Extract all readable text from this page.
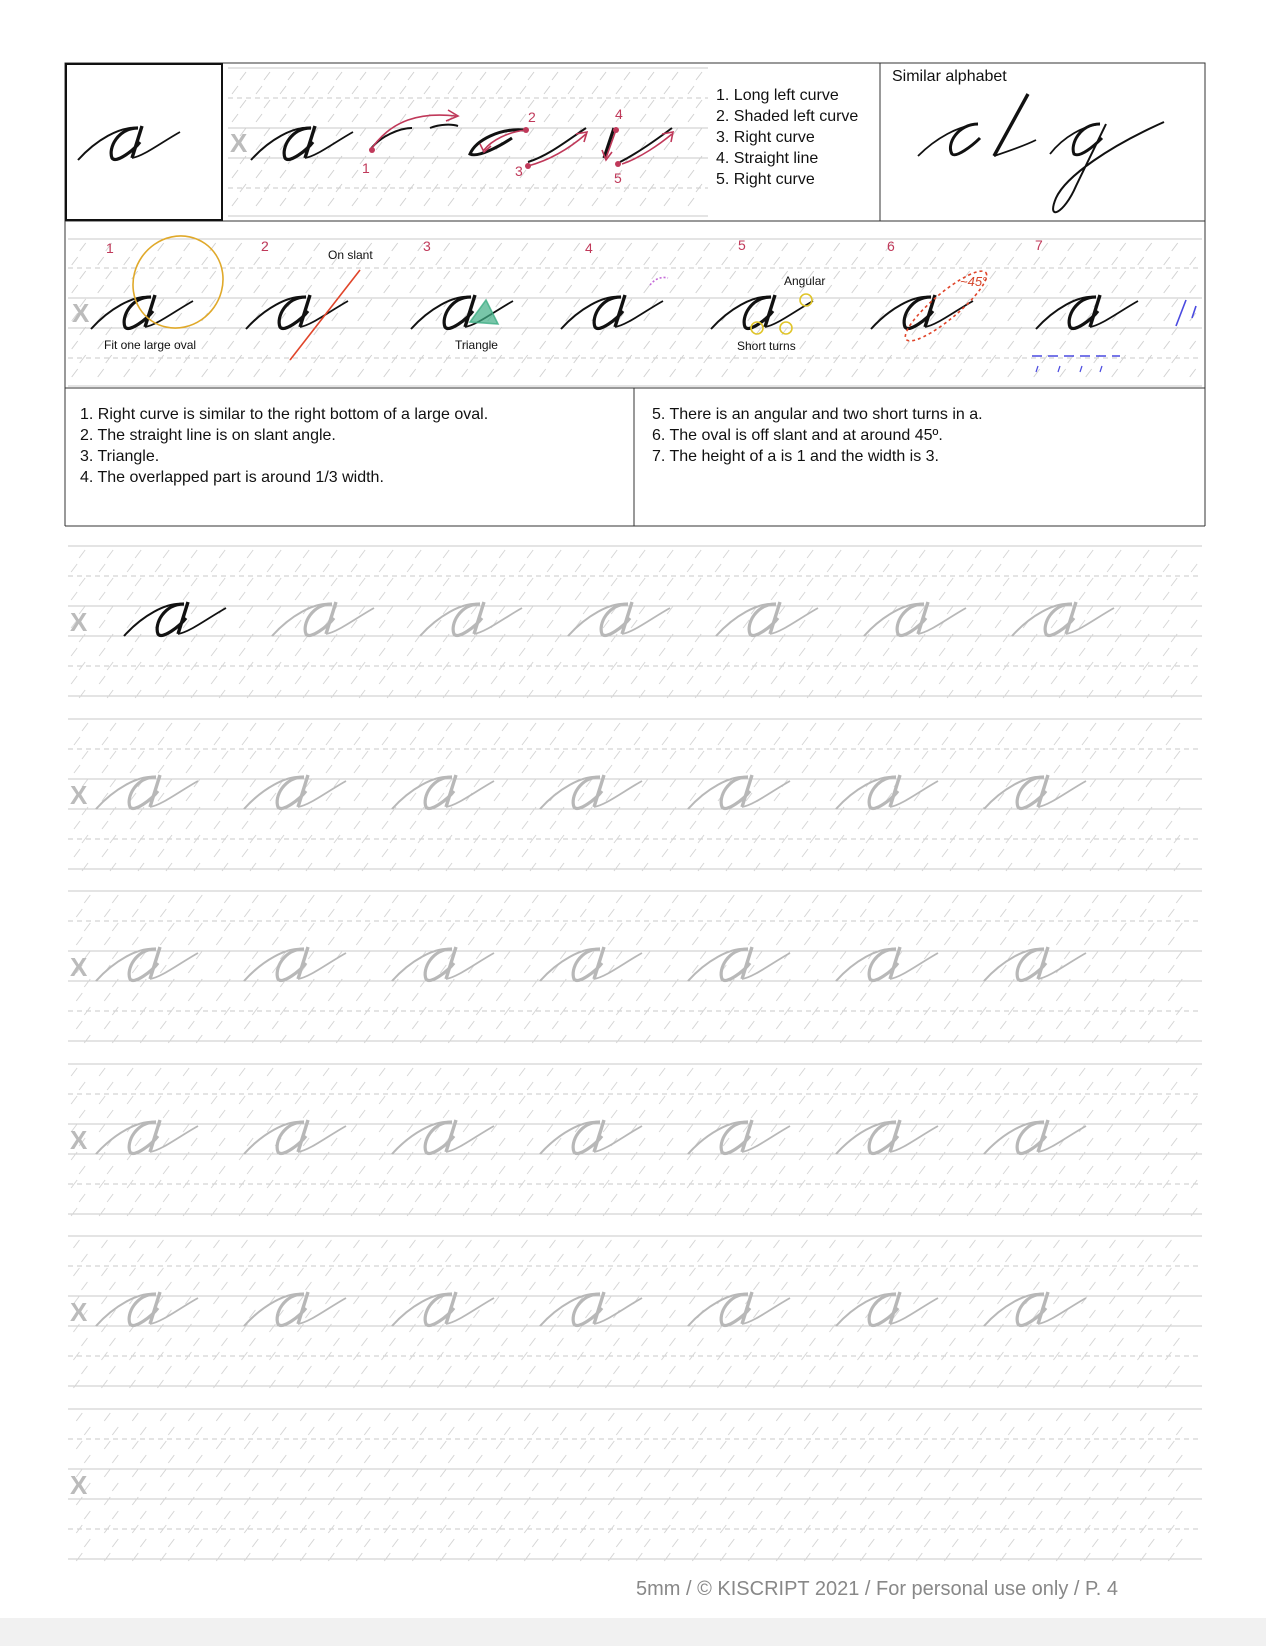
X
X
X
X
X
X
X
X
1. Long left curve
2. Shaded left curve
3. Right curve
4. Straight line
5. Right curve
Similar alphabet
1
2
3
4
5
1	2	3	4	5	6	7
Fit one large oval
On slant
Triangle
Angular
Short turns
~45°
1. Right curve is similar to the right bottom of a large oval.
2. The straight line is on slant angle.
3. Triangle.
4. The overlapped part is around 1/3 width.
5. There is an angular and two short turns in a.
6. The oval is off slant and at around 45º.
7. The height of a is 1 and the width is 3.
5mm / © KISCRIPT 2021 / For personal use only / P. 4
